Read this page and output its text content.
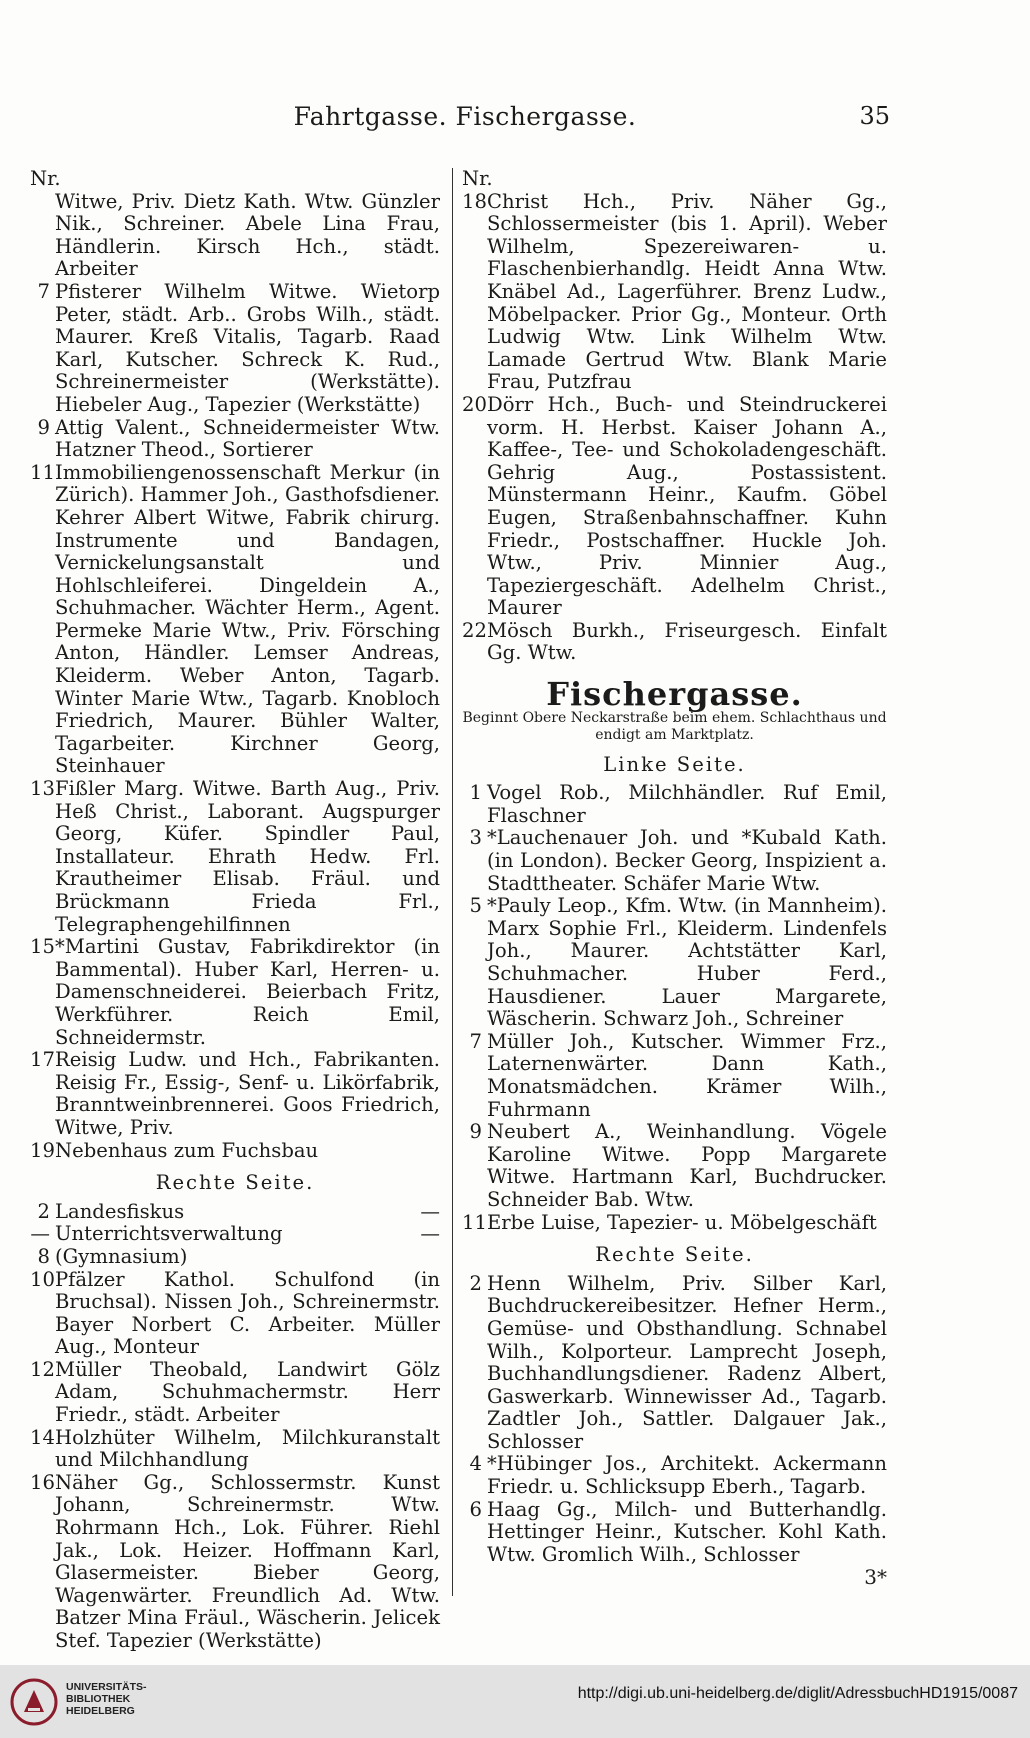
Fahrtgasse. Fischergasse.	35
Nr.
Witwe, Priv. Dietz Kath. Wtw. Günzler Nik., Schreiner. Abele Lina Frau, Händlerin. Kirsch Hch., städt. Arbeiter
7 Pfisterer Wilhelm Witwe. Wietorp Peter, städt. Arb.. Grobs Wilh., städt. Maurer. Kreß Vitalis, Tagarb. Raad Karl, Kutscher. Schreck K. Rud., Schreinermeister (Werkstätte). Hiebeler Aug., Tapezier (Werkstätte)
9 Attig Valent., Schneidermeister Wtw. Hatzner Theod., Sortierer
11 Immobiliengenossenschaft Merkur (in Zürich). Hammer Joh., Gasthofsdiener. Kehrer Albert Witwe, Fabrik chirurg. Instrumente und Bandagen, Vernickelungsanstalt und Hohlschleiferei. Dingeldein A., Schuhmacher. Wächter Herm., Agent. Permeke Marie Wtw., Priv. Försching Anton, Händler. Lemser Andreas, Kleiderm. Weber Anton, Tagarb. Winter Marie Wtw., Tagarb. Knobloch Friedrich, Maurer. Bühler Walter, Tagarbeiter. Kirchner Georg, Steinhauer
13 Fißler Marg. Witwe. Barth Aug., Priv. Heß Christ., Laborant. Augspurger Georg, Küfer. Spindler Paul, Installateur. Ehrath Hedw. Frl. Krautheimer Elisab. Fräul. und Brückmann Frieda Frl., Telegraphengehilfinnen
15 *Martini Gustav, Fabrikdirektor (in Bammental). Huber Karl, Herren- u. Damenschneiderei. Beierbach Fritz, Werkführer. Reich Emil, Schneidermstr.
17 Reisig Ludw. und Hch., Fabrikanten. Reisig Fr., Essig-, Senf- u. Likörfabrik, Branntweinbrennerei. Goos Friedrich, Witwe, Priv.
19 Nebenhaus zum Fuchsbau
Rechte Seite.
2—8
Landesfiskus — Unterrichtsverwaltung — (Gymnasium)
10 Pfälzer Kathol. Schulfond (in Bruchsal). Nissen Joh., Schreinermstr. Bayer Norbert C. Arbeiter. Müller Aug., Monteur
12 Müller Theobald, Landwirt Gölz Adam, Schuhmachermstr. Herr Friedr., städt. Arbeiter
14 Holzhüter Wilhelm, Milchkuranstalt und Milchhandlung
16 Näher Gg., Schlossermstr. Kunst Johann, Schreinermstr. Wtw. Rohrmann Hch., Lok. Führer. Riehl Jak., Lok. Heizer. Hoffmann Karl, Glasermeister. Bieber Georg, Wagenwärter. Freundlich Ad. Wtw. Batzer Mina Fräul., Wäscherin. Jelicek Stef. Tapezier (Werkstätte)
Nr.
18 Christ Hch., Priv. Näher Gg., Schlossermeister (bis 1. April). Weber Wilhelm, Spezereiwaren- u. Flaschenbierhandlg. Heidt Anna Wtw. Knäbel Ad., Lagerführer. Brenz Ludw., Möbelpacker. Prior Gg., Monteur. Orth Ludwig Wtw. Link Wilhelm Wtw. Lamade Gertrud Wtw. Blank Marie Frau, Putzfrau
20 Dörr Hch., Buch- und Steindruckerei vorm. H. Herbst. Kaiser Johann A., Kaffee-, Tee- und Schokoladengeschäft. Gehrig Aug., Postassistent. Münstermann Heinr., Kaufm. Göbel Eugen, Straßenbahnschaffner. Kuhn Friedr., Postschaffner. Huckle Joh. Wtw., Priv. Minnier Aug., Tapeziergeschäft. Adelhelm Christ., Maurer
22 Mösch Burkh., Friseurgesch. Einfalt Gg. Wtw.
Fischergasse.
Beginnt Obere Neckarstraße beim ehem. Schlachthaus und endigt am Marktplatz.
Linke Seite.
1 Vogel Rob., Milchhändler. Ruf Emil, Flaschner
3 *Lauchenauer Joh. und *Kubald Kath. (in London). Becker Georg, Inspizient a. Stadttheater. Schäfer Marie Wtw.
5 *Pauly Leop., Kfm. Wtw. (in Mannheim). Marx Sophie Frl., Kleiderm. Lindenfels Joh., Maurer. Achtstätter Karl, Schuhmacher. Huber Ferd., Hausdiener. Lauer Margarete, Wäscherin. Schwarz Joh., Schreiner
7 Müller Joh., Kutscher. Wimmer Frz., Laternenwärter. Dann Kath., Monatsmädchen. Krämer Wilh., Fuhrmann
9 Neubert A., Weinhandlung. Vögele Karoline Witwe. Popp Margarete Witwe. Hartmann Karl, Buchdrucker. Schneider Bab. Wtw.
11 Erbe Luise, Tapezier- u. Möbelgeschäft
Rechte Seite.
2 Henn Wilhelm, Priv. Silber Karl, Buchdruckereibesitzer. Hefner Herm., Gemüse- und Obsthandlung. Schnabel Wilh., Kolporteur. Lamprecht Joseph, Buchhandlungsdiener. Radenz Albert, Gaswerkarb. Winnewisser Ad., Tagarb. Zadtler Joh., Sattler. Dalgauer Jak., Schlosser
4 *Hübinger Jos., Architekt. Ackermann Friedr. u. Schlicksupp Eberh., Tagarb.
6 Haag Gg., Milch- und Butterhandlg. Hettinger Heinr., Kutscher. Kohl Kath. Wtw. Gromlich Wilh., Schlosser
3*
UNIVERSITÄTS-
BIBLIOTHEK
HEIDELBERG
http://digi.ub.uni-heidelberg.de/diglit/AdressbuchHD1915/0087
